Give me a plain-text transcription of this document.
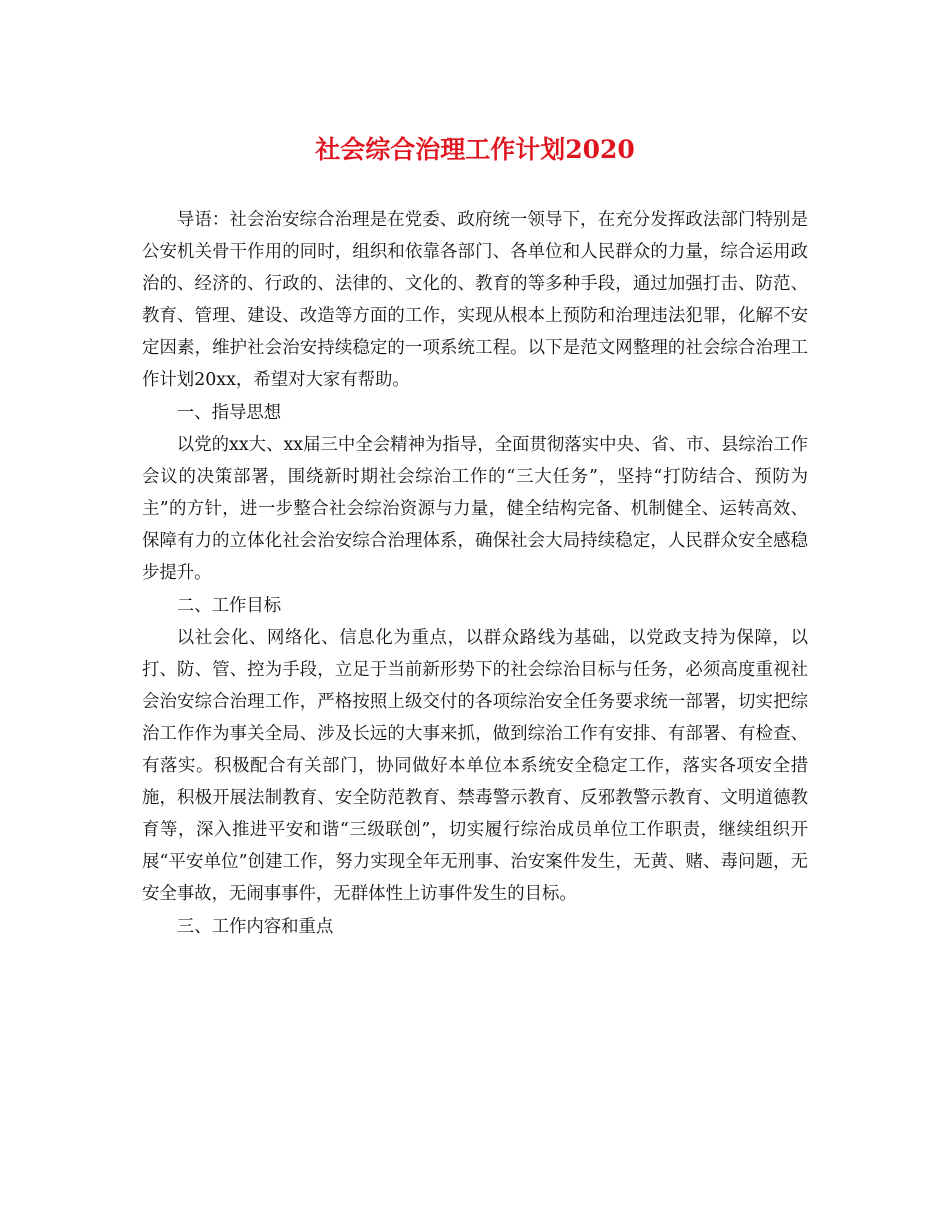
社会综合治理工作计划2020

导语：社会治安综合治理是在党委、政府统一领导下，在充分发挥政法部门特别是公安机关骨干作用的同时，组织和依靠各部门、各单位和人民群众的力量，综合运用政治的、经济的、行政的、法律的、文化的、教育的等多种手段，通过加强打击、防范、教育、管理、建设、改造等方面的工作，实现从根本上预防和治理违法犯罪，化解不安定因素，维护社会治安持续稳定的一项系统工程。以下是范文网整理的社会综合治理工作计划20xx，希望对大家有帮助。

一、指导思想

以党的xx大、xx届三中全会精神为指导，全面贯彻落实中央、省、市、县综治工作会议的决策部署，围绕新时期社会综治工作的“三大任务”，坚持“打防结合、预防为主”的方针，进一步整合社会综治资源与力量，健全结构完备、机制健全、运转高效、保障有力的立体化社会治安综合治理体系，确保社会大局持续稳定，人民群众安全感稳步提升。

二、工作目标

以社会化、网络化、信息化为重点，以群众路线为基础，以党政支持为保障，以打、防、管、控为手段，立足于当前新形势下的社会综治目标与任务，必须高度重视社会治安综合治理工作，严格按照上级交付的各项综治安全任务要求统一部署，切实把综治工作作为事关全局、涉及长远的大事来抓，做到综治工作有安排、有部署、有检查、有落实。积极配合有关部门，协同做好本单位本系统安全稳定工作，落实各项安全措施，积极开展法制教育、安全防范教育、禁毒警示教育、反邪教警示教育、文明道德教育等，深入推进平安和谐“三级联创”，切实履行综治成员单位工作职责，继续组织开展“平安单位”创建工作，努力实现全年无刑事、治安案件发生，无黄、赌、毒问题，无安全事故，无闹事事件，无群体性上访事件发生的目标。

三、工作内容和重点
